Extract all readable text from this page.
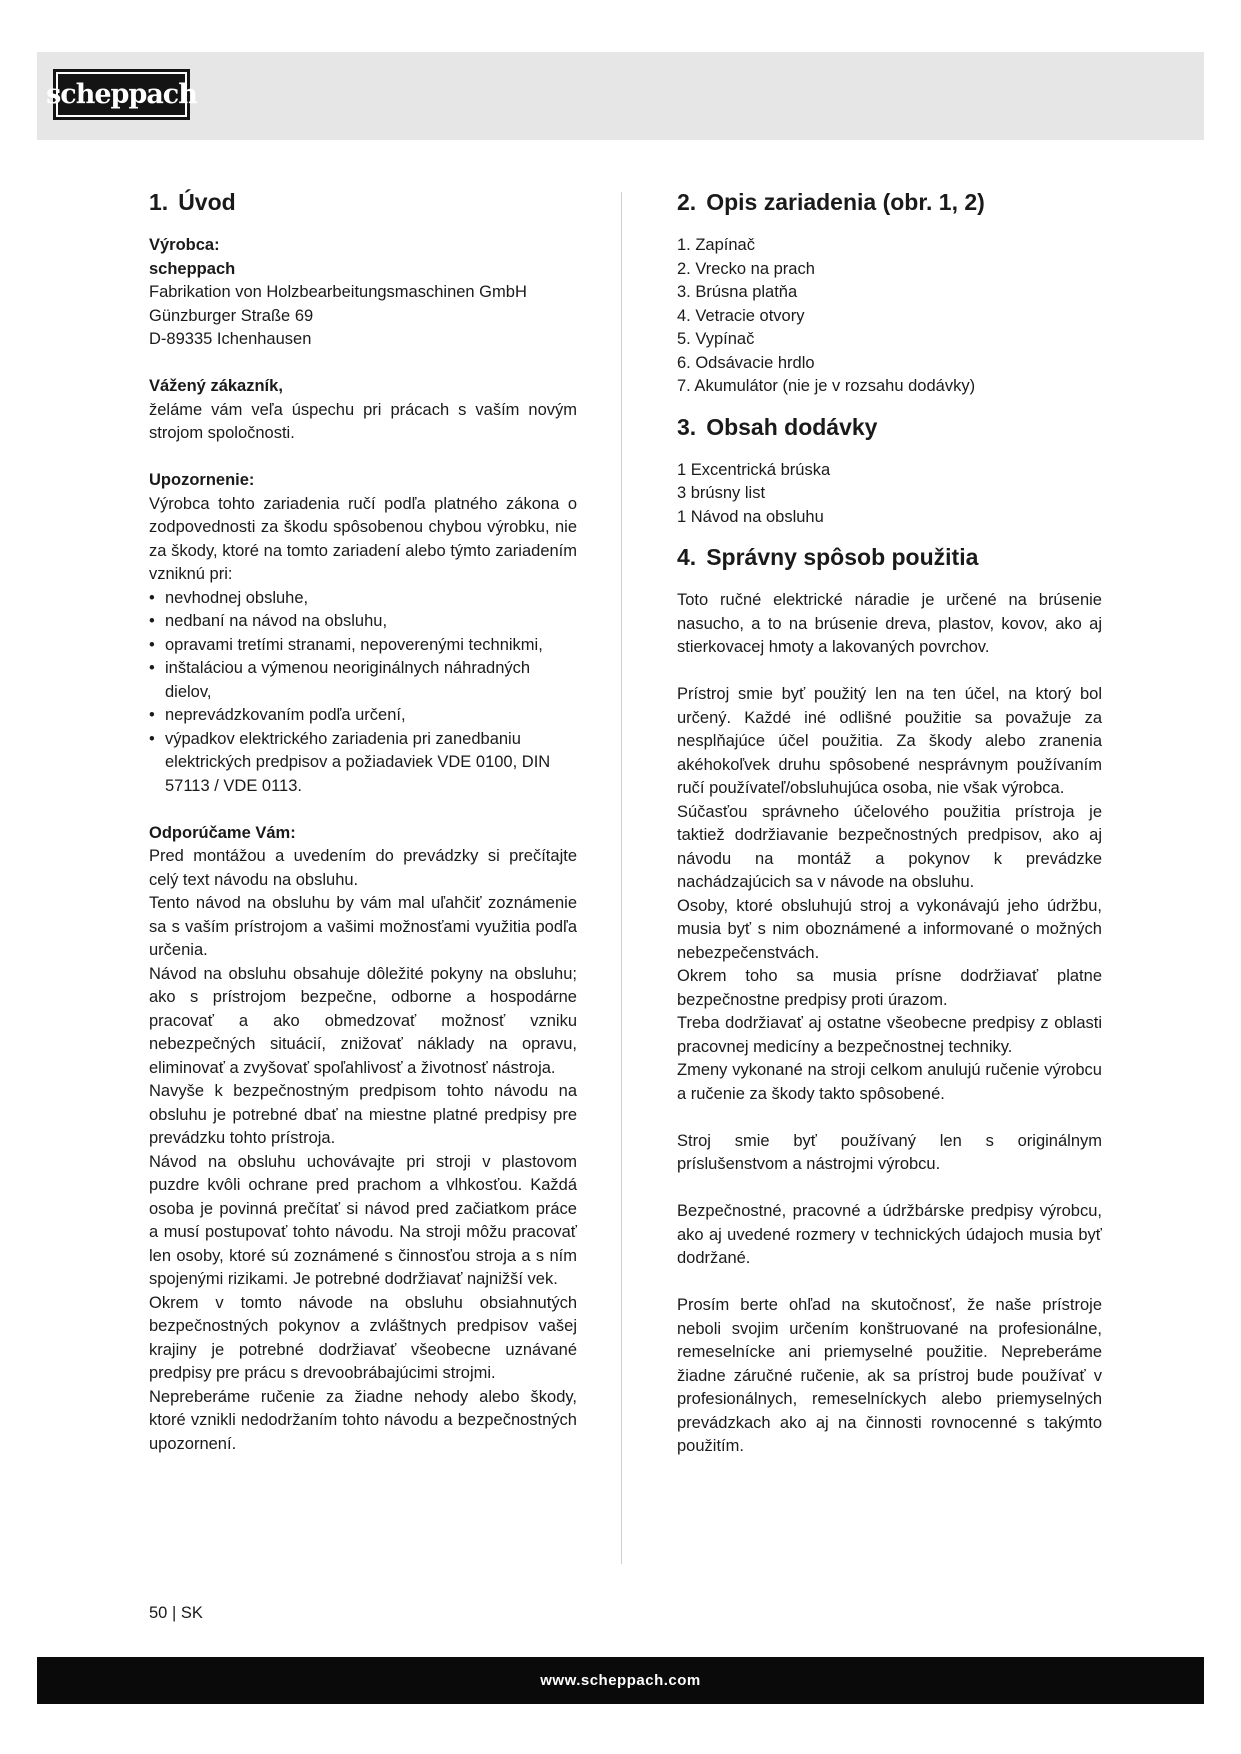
scheppach
1. Úvod

Výrobca:

scheppach

Fabrikation von Holzbearbeitungsmaschinen GmbH

Günzburger Straße 69

D-89335 Ichenhausen

Vážený zákazník,

želáme vám veľa úspechu pri prácach s vaším novým strojom spoločnosti.

Upozornenie:

Výrobca tohto zariadenia ručí podľa platného zákona o zodpovednosti za škodu spôsobenou chybou výrobku, nie za škody, ktoré na tomto zariadení alebo týmto zariadením vzniknú pri:

• nevhodnej obsluhe,
• nedbaní na návod na obsluhu,
• opravami tretími stranami, nepoverenými technikmi,
• inštaláciou a výmenou neoriginálnych náhradných dielov,
• neprevádzkovaním podľa určení,
• výpadkov elektrického zariadenia pri zanedbaniu elektrických predpisov a požiadaviek VDE 0100, DIN 57113 / VDE 0113.

Odporúčame Vám:

Pred montážou a uvedením do prevádzky si prečítajte celý text návodu na obsluhu.

Tento návod na obsluhu by vám mal uľahčiť zoznámenie sa s vaším prístrojom a vašimi možnosťami využitia podľa určenia.

Návod na obsluhu obsahuje dôležité pokyny na obsluhu; ako s prístrojom bezpečne, odborne a hospodárne pracovať a ako obmedzovať možnosť vzniku nebezpečných situácií, znižovať náklady na opravu, eliminovať a zvyšovať spoľahlivosť a životnosť nástroja.

Navyše k bezpečnostným predpisom tohto návodu na obsluhu je potrebné dbať na miestne platné predpisy pre prevádzku tohto prístroja.

Návod na obsluhu uchovávajte pri stroji v plastovom puzdre kvôli ochrane pred prachom a vlhkosťou. Každá osoba je povinná prečítať si návod pred začiatkom práce a musí postupovať tohto návodu. Na stroji môžu pracovať len osoby, ktoré sú zoznámené s činnosťou stroja a s ním spojenými rizikami. Je potrebné dodržiavať najnižší vek.

Okrem v tomto návode na obsluhu obsiahnutých bezpečnostných pokynov a zvláštnych predpisov vašej krajiny je potrebné dodržiavať všeobecne uznávané predpisy pre prácu s drevoobrábajúcimi strojmi.

Nepreberáme ručenie za žiadne nehody alebo škody, ktoré vznikli nedodržaním tohto návodu a bezpečnostných upozornení.

2. Opis zariadenia (obr. 1, 2)
1. Zapínač
2. Vrecko na prach
3. Brúsna platňa
4. Vetracie otvory
5. Vypínač
6. Odsávacie hrdlo
7. Akumulátor (nie je v rozsahu dodávky)
3. Obsah dodávky
1 Excentrická brúska
3 brúsny list
1 Návod na obsluhu
4. Správny spôsob použitia

Toto ručné elektrické náradie je určené na brúsenie nasucho, a to na brúsenie dreva, plastov, kovov, ako aj stierkovacej hmoty a lakovaných povrchov.

Prístroj smie byť použitý len na ten účel, na ktorý bol určený. Každé iné odlišné použitie sa považuje za nesplňajúce účel použitia. Za škody alebo zranenia akéhokoľvek druhu spôsobené nesprávnym používaním ručí používateľ/obsluhujúca osoba, nie však výrobca.

Súčasťou správneho účelového použitia prístroja je taktiež dodržiavanie bezpečnostných predpisov, ako aj návodu na montáž a pokynov k prevádzke nachádzajúcich sa v návode na obsluhu.

Osoby, ktoré obsluhujú stroj a vykonávajú jeho údržbu, musia byť s nim oboznámené a informované o možných nebezpečenstvách.

Okrem toho sa musia prísne dodržiavať platne bezpečnostne predpisy proti úrazom.

Treba dodržiavať aj ostatne všeobecne predpisy z oblasti pracovnej medicíny a bezpečnostnej techniky.

Zmeny vykonané na stroji celkom anulujú ručenie výrobcu a ručenie za škody takto spôsobené.

Stroj smie byť používaný len s originálnym príslušenstvom a nástrojmi výrobcu.

Bezpečnostné, pracovné a údržbárske predpisy výrobcu, ako aj uvedené rozmery v technických údajoch musia byť dodržané.

Prosím berte ohľad na skutočnosť, že naše prístroje neboli svojim určením konštruované na profesionálne, remeselnícke ani priemyselné použitie. Nepreberáme žiadne záručné ručenie, ak sa prístroj bude používať v profesionálnych, remeselníckych alebo priemyselných prevádzkach ako aj na činnosti rovnocenné s takýmto použitím.

50 | SK
www.scheppach.com
